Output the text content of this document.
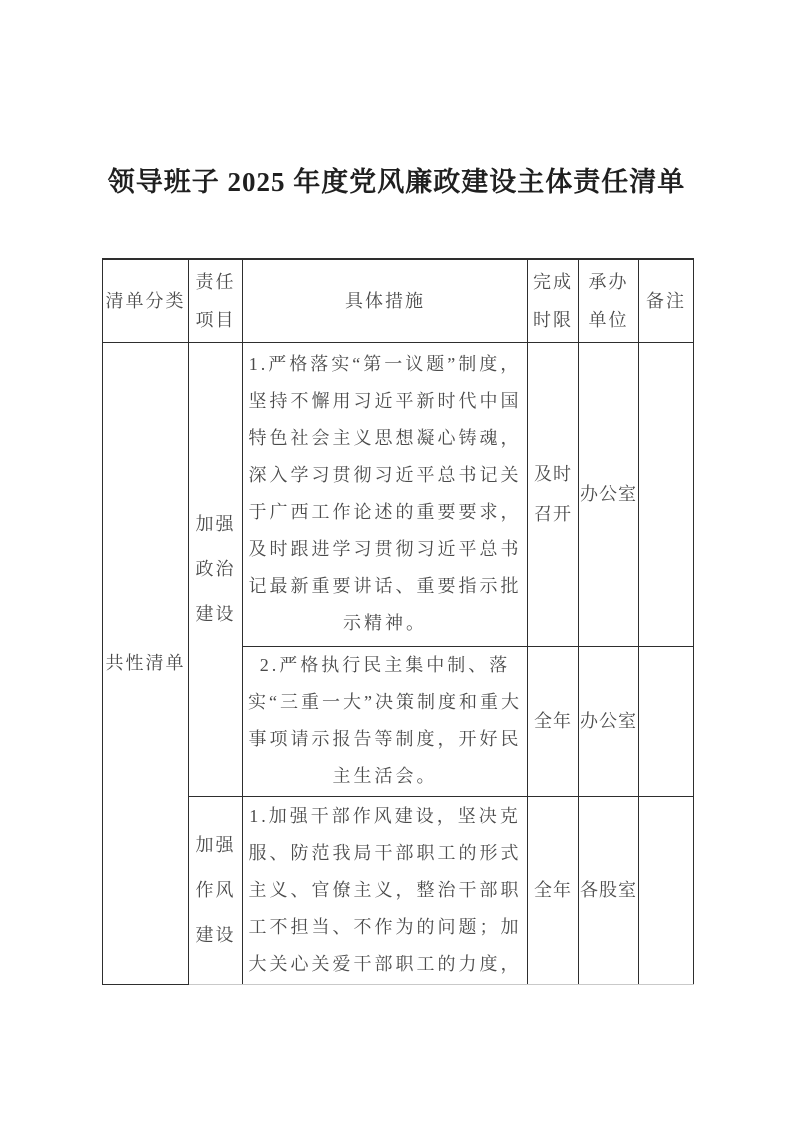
领导班子 2025 年度党风廉政建设主体责任清单
清单分类	责任项目	具体措施	完成时限	承办单位	备注
共性清单	加强政治建设	1.严格落实“第一议题”制度，坚持不懈用习近平新时代中国特色社会主义思想凝心铸魂，深入学习贯彻习近平总书记关于广西工作论述的重要要求，及时跟进学习贯彻习近平总书记最新重要讲话、重要指示批示精神。	及时召开	办公室	
		2.严格执行民主集中制、落实“三重一大”决策制度和重大事项请示报告等制度，开好民主生活会。	全年	办公室	
	加强作风建设	1.加强干部作风建设，坚决克服、防范我局干部职工的形式主义、官僚主义，整治干部职工不担当、不作为的问题；加大关心关爱干部职工的力度，	全年	各股室	
